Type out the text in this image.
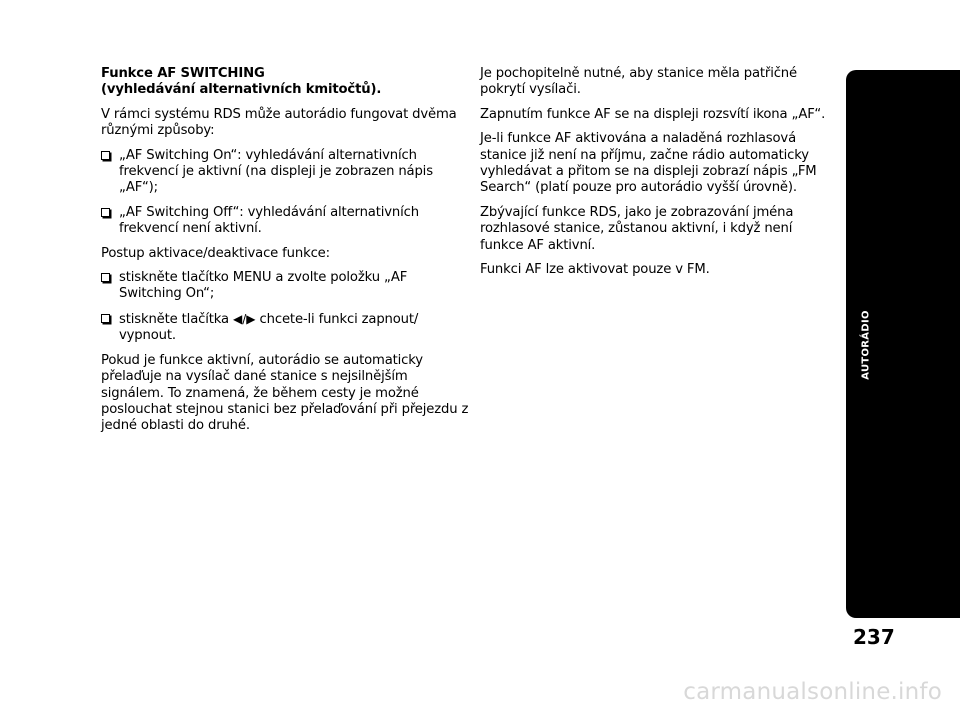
Funkce AF SWITCHING
(vyhledávání alternativních kmitočtů).

V rámci systému RDS může autorádio fungovat dvěma různými způsoby:

„AF Switching On“: vyhledávání alternativních frekvencí je aktivní (na displeji je zobrazen nápis „AF“);
„AF Switching Off“: vyhledávání alternativních frekvencí není aktivní.

Postup aktivace/deaktivace funkce:

stiskněte tlačítko MENU a zvolte položku „AF Switching On“;
stiskněte tlačítka ◀/▶ chcete-li funkci zapnout/ vypnout.

Pokud je funkce aktivní, autorádio se automaticky přelaďuje na vysílač dané stanice s nejsilnějším signálem. To znamená, že během cesty je možné poslouchat stejnou stanici bez přelaďování při přejezdu z jedné oblasti do druhé.

Je pochopitelně nutné, aby stanice měla patřičné pokrytí vysílači.

Zapnutím funkce AF se na displeji rozsvítí ikona „AF“.

Je-li funkce AF aktivována a naladěná rozhlasová stanice již není na příjmu, začne rádio automaticky vyhledávat a přitom se na displeji zobrazí nápis „FM Search“ (platí pouze pro autorádio vyšší úrovně).

Zbývající funkce RDS, jako je zobrazování jména rozhlasové stanice, zůstanou aktivní, i když není funkce AF aktivní.

Funkci AF lze aktivovat pouze v FM.

AUTORÁDIO
237
carmanualsonline.info
